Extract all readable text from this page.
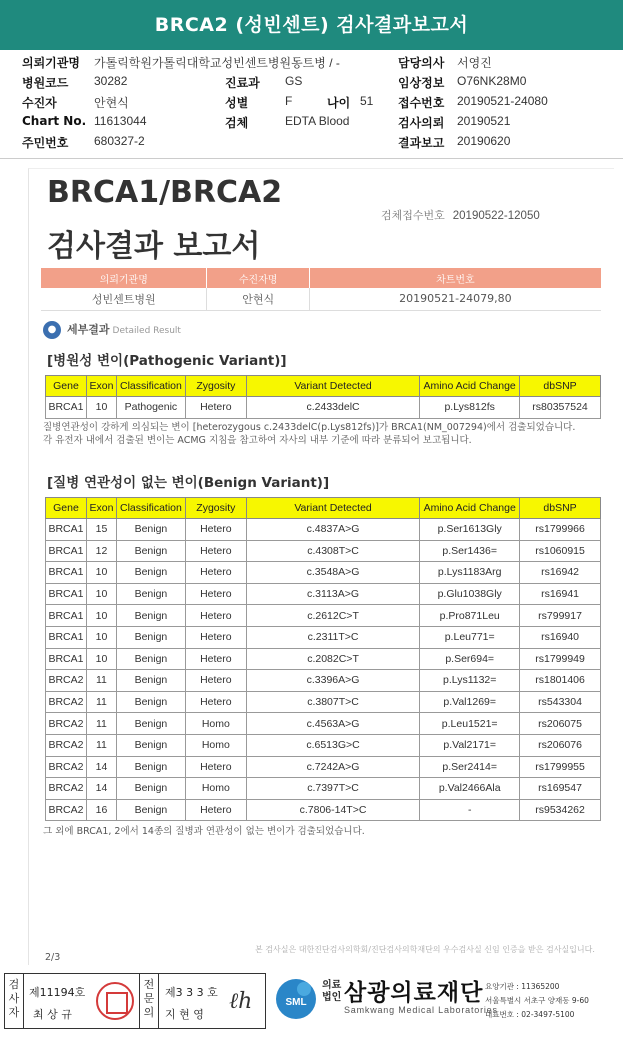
BRCA2 (성빈센트) 검사결과보고서
의뢰기관명 가톨릭학원가톨릭대학교성빈센트병원동트병 / -	담당의사 서영진
병원코드 30282	진료과 GS	임상정보 O76NK28M0
수진자	안현식	성별	F	나이 51 접수번호 20190521-24080
Chart No. 11613044	검체	EDTA Blood	검사의뢰 20190521
주민번호 680327-2	결과보고 20190620
BRCA1/BRCA2
검사결과 보고서
검체접수번호 20190522-12050
의뢰기관명	수진자명	차트번호
성빈센트병원	안현식	20190521-24079,80
● 세부결과 Detailed Result
[병원성 변이(Pathogenic Variant)]
Gene	Exon	Classification	Zygosity	Variant Detected	Amino Acid Change	dbSNP
BRCA1	10	Pathogenic	Hetero	c.2433delC	p.Lys812fs	rs80357524
질병연관성이 강하게 의심되는 변이 [heterozygous c.2433delC(p.Lys812fs)]가 BRCA1(NM_007294)에서 검출되었습니다.
각 유전자 내에서 검출된 변이는 ACMG 지침을 참고하여 자사의 내부 기준에 따라 분류되어 보고됩니다.
[질병 연관성이 없는 변이(Benign Variant)]
Gene	Exon	Classification	Zygosity	Variant Detected	Amino Acid Change	dbSNP
BRCA1	15	Benign	Hetero	c.4837A>G	p.Ser1613Gly	rs1799966
BRCA1	12	Benign	Hetero	c.4308T>C	p.Ser1436=	rs1060915
BRCA1	10	Benign	Hetero	c.3548A>G	p.Lys1183Arg	rs16942
BRCA1	10	Benign	Hetero	c.3113A>G	p.Glu1038Gly	rs16941
BRCA1	10	Benign	Hetero	c.2612C>T	p.Pro871Leu	rs799917
BRCA1	10	Benign	Hetero	c.2311T>C	p.Leu771=	rs16940
BRCA1	10	Benign	Hetero	c.2082C>T	p.Ser694=	rs1799949
BRCA2	11	Benign	Hetero	c.3396A>G	p.Lys1132=	rs1801406
BRCA2	11	Benign	Hetero	c.3807T>C	p.Val1269=	rs543304
BRCA2	11	Benign	Homo	c.4563A>G	p.Leu1521=	rs206075
BRCA2	11	Benign	Homo	c.6513G>C	p.Val2171=	rs206076
BRCA2	14	Benign	Hetero	c.7242A>G	p.Ser2414=	rs1799955
BRCA2	14	Benign	Homo	c.7397T>C	p.Val2466Ala	rs169547
BRCA2	16	Benign	Hetero	c.7806-14T>C	-	rs9534262
그 외에 BRCA1, 2에서 14종의 질병과 연관성이 없는 변이가 검출되었습니다.
2/3
본 검사실은 대한진단검사의학회/진단검사의학재단의 우수검사실 신임 인증을 받은 검사실입니다.
검사자
제11194호
최 상 규
전문의
제3 3 3 호
지 현 영
ℓh	SML
의료
법인 삼광의료재단
Samkwang Medical Laboratories
요양기관 : 11365200
서울특별시 서초구 양재동 9-60
대표번호 : 02-3497-5100
